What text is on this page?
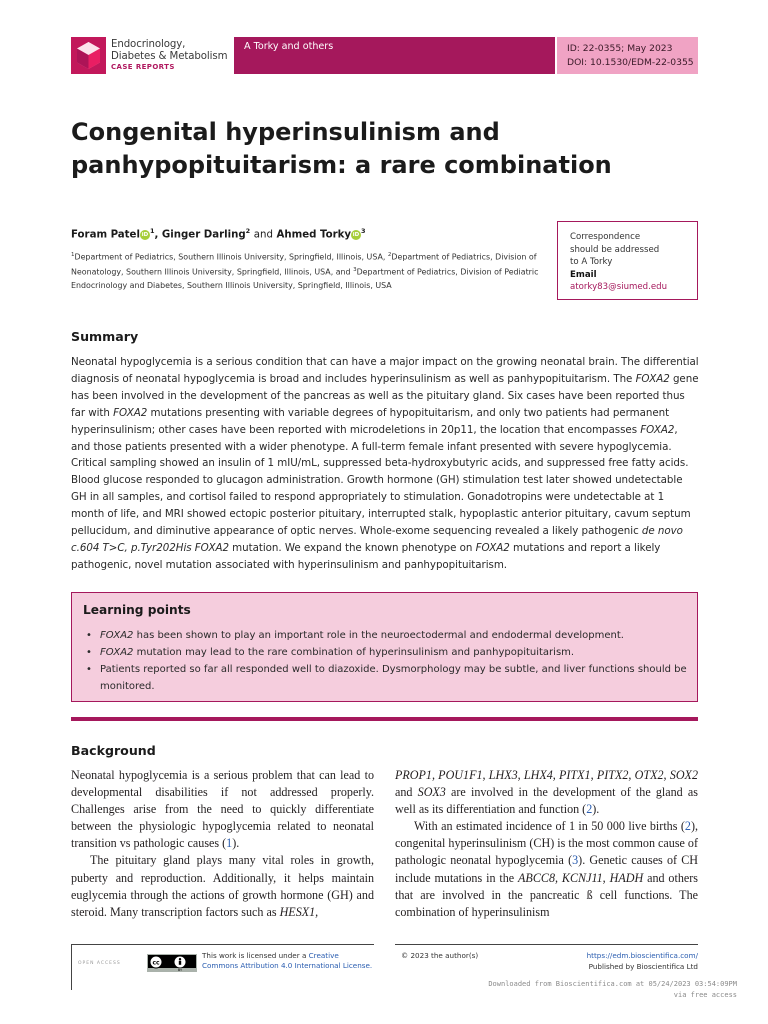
Endocrinology,
Diabetes & Metabolism
CASE REPORTS
A Torky and others	ID: 22-0355; May 2023
DOI: 10.1530/EDM-22-0355
Congenital hyperinsulinism and panhypopituitarism: a rare combination
Foram Patel $iD^1$, Ginger Darling$^2$ and Ahmed Torky $iD^3$
$^1$Department of Pediatrics, Southern Illinois University, Springfield, Illinois, USA, $^2$Department of Pediatrics, Division of Neonatology, Southern Illinois University, Springfield, Illinois, USA, and $^3$Department of Pediatrics, Division of Pediatric Endocrinology and Diabetes, Southern Illinois University, Springfield, Illinois, USA
Correspondence
should be addressed
to A Torky
Email
atorky83@siumed.edu
Summary

Neonatal hypoglycemia is a serious condition that can have a major impact on the growing neonatal brain. The differential diagnosis of neonatal hypoglycemia is broad and includes hyperinsulinism as well as panhypopituitarism. The FOXA2 gene has been involved in the development of the pancreas as well as the pituitary gland. Six cases have been reported thus far with FOXA2 mutations presenting with variable degrees of hypopituitarism, and only two patients had permanent hyperinsulinism; other cases have been reported with microdeletions in 20p11, the location that encompasses FOXA2, and those patients presented with a wider phenotype. A full-term female infant presented with severe hypoglycemia. Critical sampling showed an insulin of 1 mIU/mL, suppressed beta-hydroxybutyric acids, and suppressed free fatty acids. Blood glucose responded to glucagon administration. Growth hormone (GH) stimulation test later showed undetectable GH in all samples, and cortisol failed to respond appropriately to stimulation. Gonadotropins were undetectable at 1 month of life, and MRI showed ectopic posterior pituitary, interrupted stalk, hypoplastic anterior pituitary, cavum septum pellucidum, and diminutive appearance of optic nerves. Whole-exome sequencing revealed a likely pathogenic de novo c.604 T>C, p.Tyr202His FOXA2 mutation. We expand the known phenotype on FOXA2 mutations and report a likely pathogenic, novel mutation associated with hyperinsulinism and panhypopituitarism.

Learning points
• FOXA2 has been shown to play an important role in the neuroectodermal and endodermal development.
• FOXA2 mutation may lead to the rare combination of hyperinsulinism and panhypopituitarism.
• Patients reported so far all responded well to diazoxide. Dysmorphology may be subtle, and liver functions should be monitored.
Background

Neonatal hypoglycemia is a serious problem that can lead to developmental disabilities if not addressed properly. Challenges arise from the need to quickly differentiate between the physiologic hypoglycemia related to neonatal transition vs pathologic causes (1).

The pituitary gland plays many vital roles in growth, puberty and reproduction. Additionally, it helps maintain euglycemia through the actions of growth hormone (GH) and steroid. Many transcription factors such as HESX1,

PROP1, POU1F1, LHX3, LHX4, PITX1, PITX2, OTX2, SOX2 and SOX3 are involved in the development of the gland as well as its differentiation and function (2).

With an estimated incidence of 1 in 50 000 live births (2), congenital hyperinsulinism (CH) is the most common cause of pathologic neonatal hypoglycemia (3). Genetic causes of CH include mutations in the ABCC8, KCNJ11, HADH and others that are involved in the pancreatic ß cell functions. The combination of hyperinsulinism

OPEN ACCESS	cc
BY
This work is licensed under a Creative Commons Attribution 4.0 International License.
© 2023 the author(s)	https://edm.bioscientifica.com/
Published by Bioscientifica Ltd
Downloaded from Bioscientifica.com at 05/24/2023 03:54:09PM
via free access
